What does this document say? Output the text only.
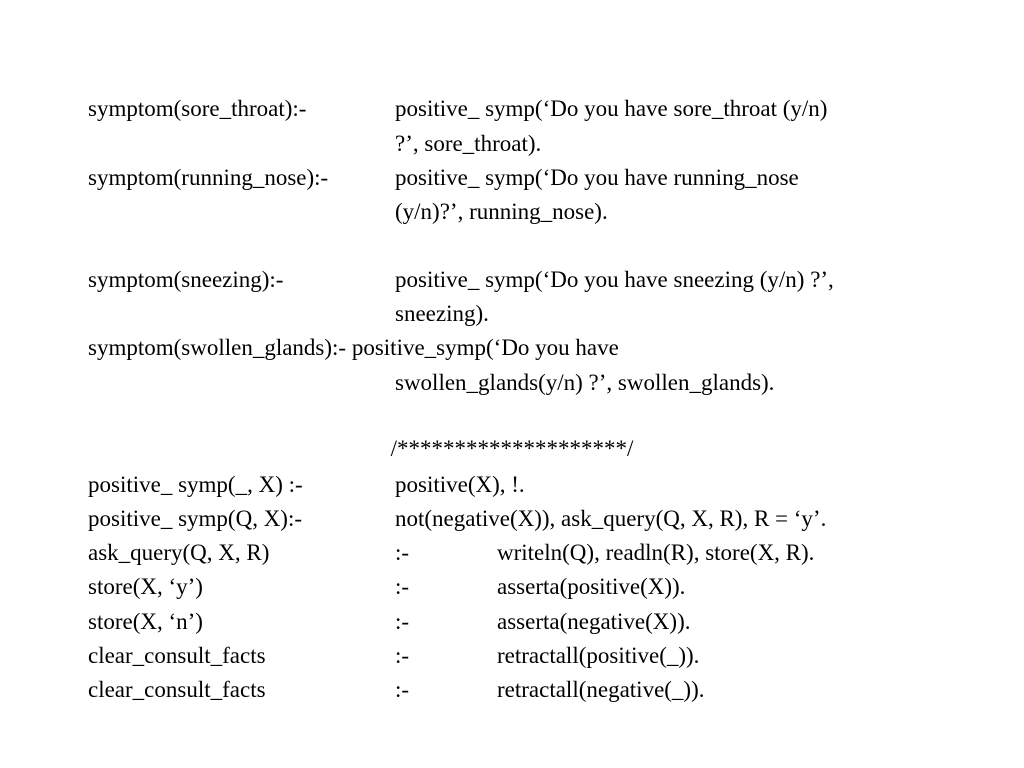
symptom(sore_throat):-	positive_ symp(‘Do you have sore_throat (y/n)
?’, sore_throat).
symptom(running_nose):-	positive_ symp(‘Do you have running_nose
(y/n)?’, running_nose).
symptom(sneezing):-	positive_ symp(‘Do you have sneezing (y/n) ?’,
sneezing).
symptom(swollen_glands):- positive_symp(‘Do you have
swollen_glands(y/n) ?’, swollen_glands).
/********************/
positive_ symp(_, X) :-	positive(X), !.
positive_ symp(Q, X):-	not(negative(X)), ask_query(Q, X, R), R = ‘y’.
ask_query(Q, X, R)	:-	writeln(Q), readln(R), store(X, R).
store(X, ‘y’)	:-	asserta(positive(X)).
store(X, ‘n’)	:-	asserta(negative(X)).
clear_consult_facts	:-	retractall(positive(_)).
clear_consult_facts	:-	retractall(negative(_)).
